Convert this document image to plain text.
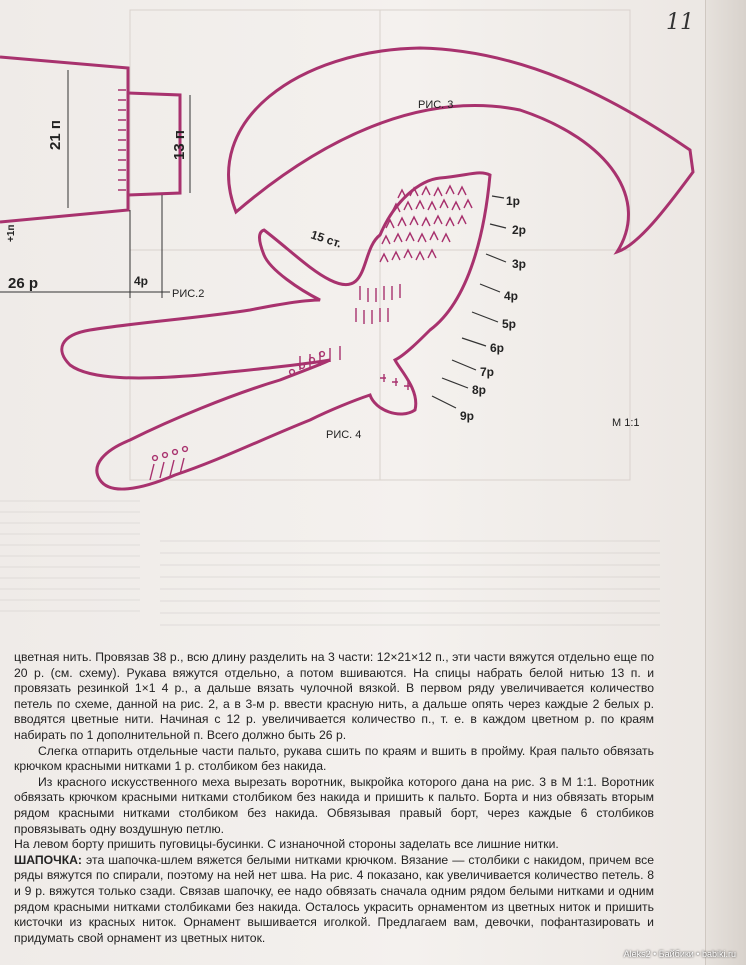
11
21 п	13 п
26 р	4р
+1п
РИС.2
РИС. 3
1р
2р
3р
4р
5р
6р
7р
8р
9р
15 ст.
РИС. 4
М 1:1

цветная нить. Провязав 38 р., всю длину разделить на 3 части: 12×21×12 п., эти части вяжутся отдельно еще по 20 р. (см. схему). Рукава вяжутся отдельно, а потом вшиваются. На спицы набрать белой нитью 13 п. и провязать резинкой 1×1 4 р., а дальше вязать чулочной вязкой. В первом ряду увеличивается количество петель по схеме, данной на рис. 2, а в 3-м р. ввести красную нить, а дальше опять через каждые 2 белых р. вводятся цветные нити. Начиная с 12 р. увеличивается количество п., т. е. в каждом цветном р. по краям набирать по 1 дополнительной п. Всего должно быть 26 р.

Слегка отпарить отдельные части пальто, рукава сшить по краям и вшить в пройму. Края пальто обвязать крючком красными нитками 1 р. столбиком без накида.

Из красного искусственного меха вырезать воротник, выкройка которого дана на рис. 3 в М 1:1. Воротник обвязать крючком красными нитками столбиком без накида и пришить к пальто. Борта и низ обвязать вторым рядом красными нитками столбиком без накида. Обвязывая правый борт, через каждые 6 столбиков провязывать одну воздушную петлю.

На левом борту пришить пуговицы-бусинки. С изнаночной стороны заделать все лишние нитки.

ШАПОЧКА: эта шапочка-шлем вяжется белыми нитками крючком. Вязание — столбики с накидом, причем все ряды вяжутся по спирали, поэтому на ней нет шва. На рис. 4 показано, как увеличивается количество петель. 8 и 9 р. вяжутся только сзади. Связав шапочку, ее надо обвязать сначала одним рядом белыми нитками и одним рядом красными нитками столбиками без накида. Осталось украсить орнаментом из цветных ниток и пришить кисточки из красных ниток. Орнамент вышивается иголкой. Предлагаем вам, девочки, пофантазировать и придумать свой орнамент из цветных ниток.

Aleks2 • Байбики • babiki.ru
